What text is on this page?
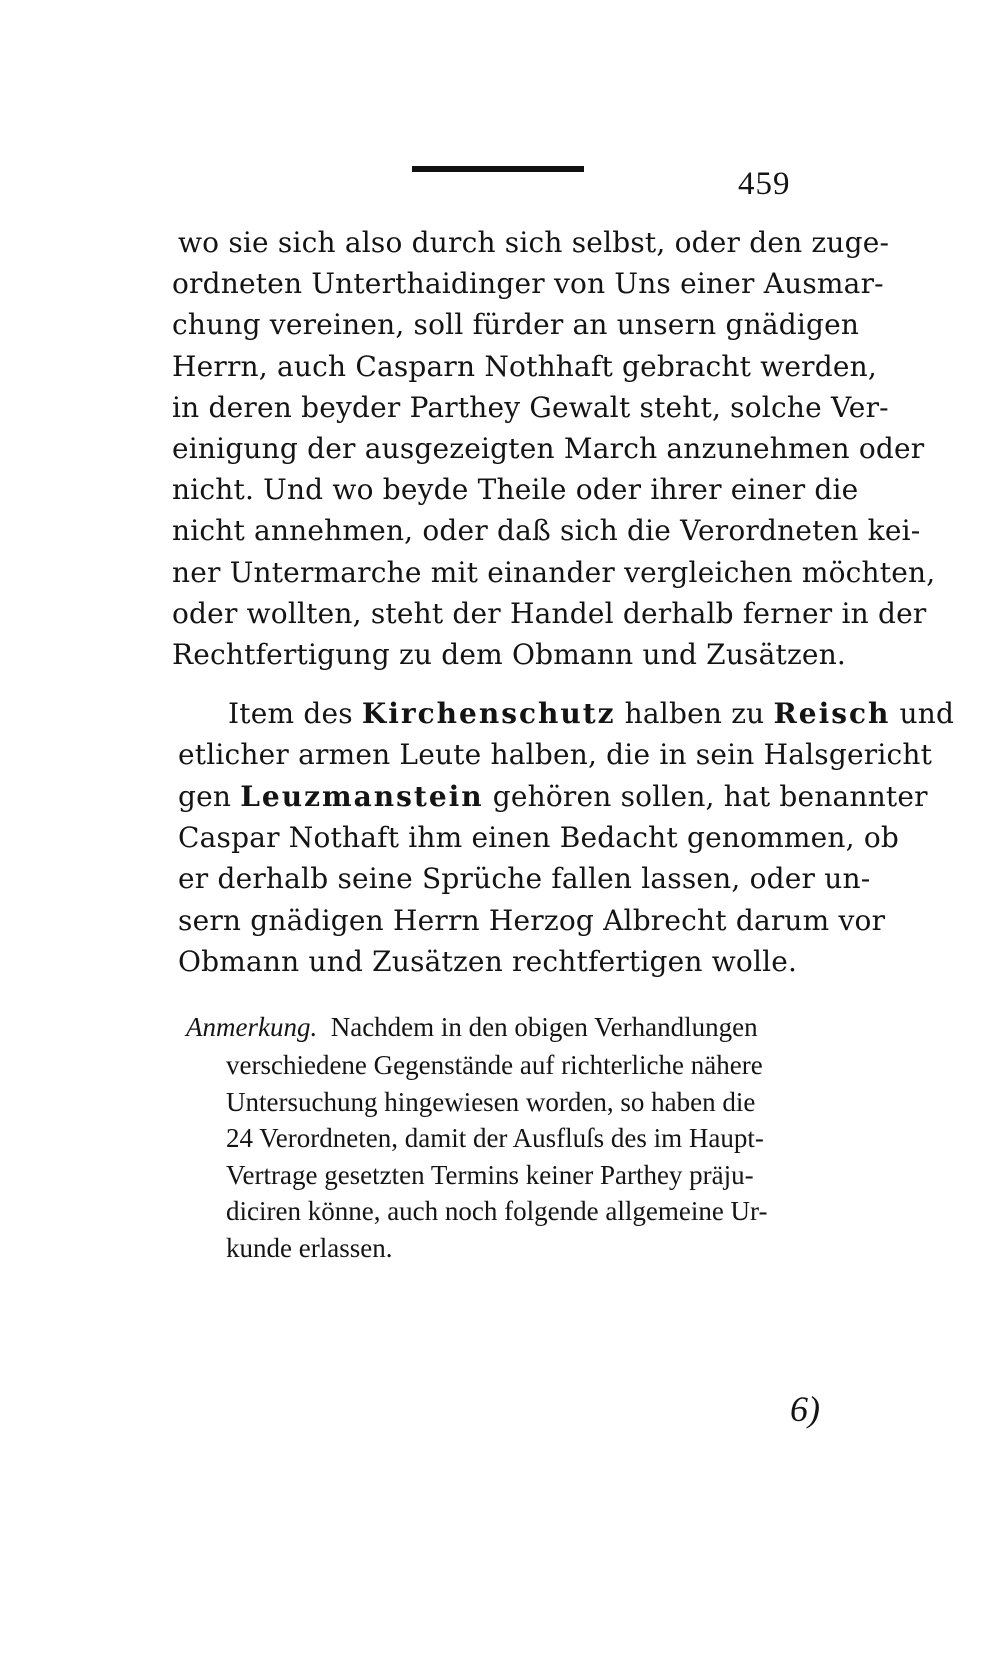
459
wo sie sich also durch sich selbst, oder den zuge-
ordneten Unterthaidinger von Uns einer Ausmar-
chung vereinen, soll fürder an unsern gnädigen
Herrn, auch Casparn Nothhaft gebracht werden,
in deren beyder Parthey Gewalt steht, solche Ver-
einigung der ausgezeigten March anzunehmen oder
nicht. Und wo beyde Theile oder ihrer einer die
nicht annehmen, oder daß sich die Verordneten kei-
ner Untermarche mit einander vergleichen möchten,
oder wollten, steht der Handel derhalb ferner in der
Rechtfertigung zu dem Obmann und Zusätzen.
Item des Kirchenschutz halben zu Reisch und
etlicher armen Leute halben, die in sein Halsgericht
gen Leuzmanstein gehören sollen, hat benannter
Caspar Nothaft ihm einen Bedacht genommen, ob
er derhalb seine Sprüche fallen lassen, oder un-
sern gnädigen Herrn Herzog Albrecht darum vor
Obmann und Zusätzen rechtfertigen wolle.
Anmerkung. Nachdem in den obigen Verhandlungen
verschiedene Gegenstände auf richterliche nähere
Untersuchung hingewiesen worden, so haben die
24 Verordneten, damit der Ausfluſs des im Haupt-
Vertrage gesetzten Termins keiner Parthey präju-
diciren könne, auch noch folgende allgemeine Ur-
kunde erlassen.
6)
